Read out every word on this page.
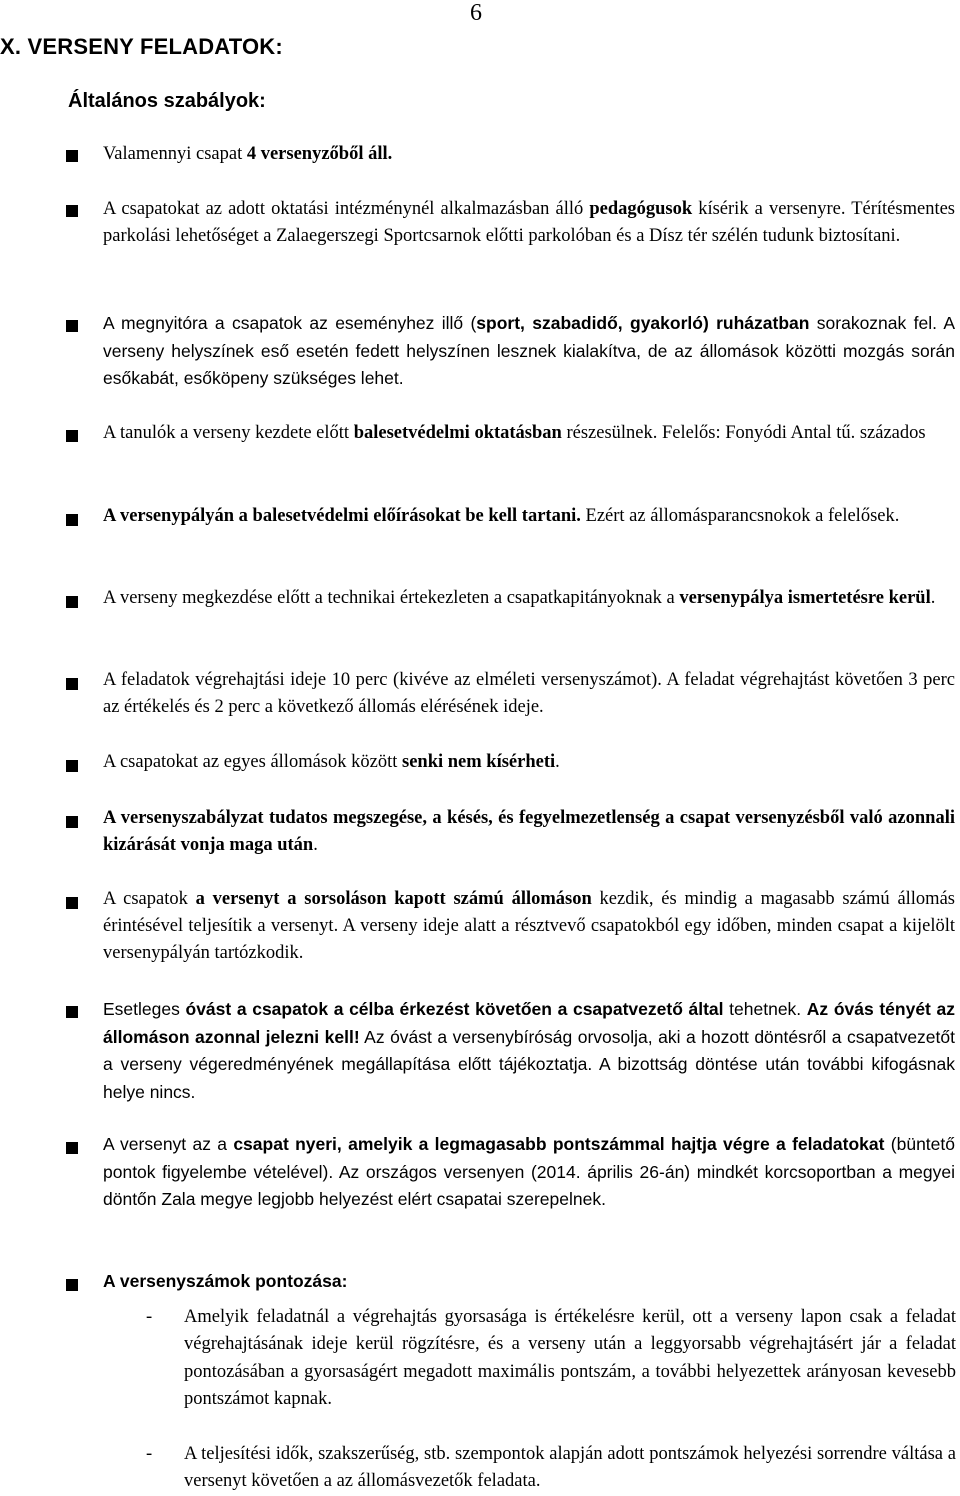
6
X. VERSENY FELADATOK:
Általános szabályok:
Valamennyi csapat 4 versenyzőből áll.
A csapatokat az adott oktatási intézménynél alkalmazásban álló pedagógusok kísérik a versenyre. Térítésmentes parkolási lehetőséget a Zalaegerszegi Sportcsarnok előtti parkolóban és a Dísz tér szélén tudunk biztosítani.
A megnyitóra a csapatok az eseményhez illő (sport, szabadidő, gyakorló) ruházatban sorakoznak fel. A verseny helyszínek eső esetén fedett helyszínen lesznek kialakítva, de az állomások közötti mozgás során esőkabát, esőköpeny szükséges lehet.
A tanulók a verseny kezdete előtt balesetvédelmi oktatásban részesülnek. Felelős: Fonyódi Antal tű. százados
A versenypályán a balesetvédelmi előírásokat be kell tartani. Ezért az állomásparancsnokok a felelősek.
A verseny megkezdése előtt a technikai értekezleten a csapatkapitányoknak a versenypálya ismertetésre kerül.
A feladatok végrehajtási ideje 10 perc (kivéve az elméleti versenyszámot). A feladat végrehajtást követően 3 perc az értékelés és 2 perc a következő állomás elérésének ideje.
A csapatokat az egyes állomások között senki nem kísérheti.
A versenyszabályzat tudatos megszegése, a késés, és fegyelmezetlenség a csapat versenyzésből való azonnali kizárását vonja maga után.
A csapatok a versenyt a sorsoláson kapott számú állomáson kezdik, és mindig a magasabb számú állomás érintésével teljesítik a versenyt. A verseny ideje alatt a résztvevő csapatokból egy időben, minden csapat a kijelölt versenypályán tartózkodik.
Esetleges óvást a csapatok a célba érkezést követően a csapatvezető által tehetnek. Az óvás tényét az állomáson azonnal jelezni kell! Az óvást a versenybíróság orvosolja, aki a hozott döntésről a csapatvezetőt a verseny végeredményének megállapítása előtt tájékoztatja. A bizottság döntése után további kifogásnak helye nincs.
A versenyt az a csapat nyeri, amelyik a legmagasabb pontszámmal hajtja végre a feladatokat (büntető pontok figyelembe vételével). Az országos versenyen (2014. április 26-án) mindkét korcsoportban a megyei döntőn Zala megye legjobb helyezést elért csapatai szerepelnek.
A versenyszámok pontozása:
- Amelyik feladatnál a végrehajtás gyorsasága is értékelésre kerül, ott a verseny lapon csak a feladat végrehajtásának ideje kerül rögzítésre, és a verseny után a leggyorsabb végrehajtásért jár a feladat pontozásában a gyorsaságért megadott maximális pontszám, a további helyezettek arányosan kevesebb pontszámot kapnak.
- A teljesítési idők, szakszerűség, stb. szempontok alapján adott pontszámok helyezési sorrendre váltása a versenyt követően a az állomásvezetők feladata.
